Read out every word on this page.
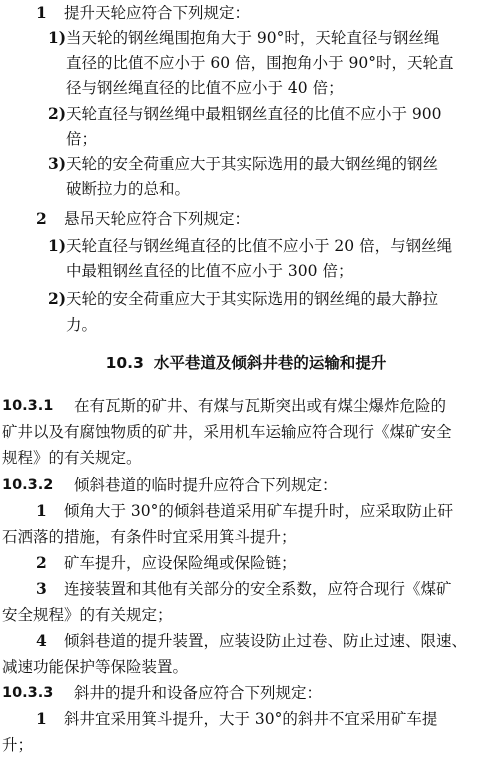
1 提升天轮应符合下列规定：
1) 当天轮的钢丝绳围抱角大于 90°时，天轮直径与钢丝绳
直径的比值不应小于 60 倍，围抱角小于 90°时，天轮直
径与钢丝绳直径的比值不应小于 40 倍；
2) 天轮直径与钢丝绳中最粗钢丝直径的比值不应小于 900
倍；
3) 天轮的安全荷重应大于其实际选用的最大钢丝绳的钢丝
破断拉力的总和。
2 悬吊天轮应符合下列规定：
1) 天轮直径与钢丝绳直径的比值不应小于 20 倍，与钢丝绳
中最粗钢丝直径的比值不应小于 300 倍；
2) 天轮的安全荷重应大于其实际选用的钢丝绳的最大静拉
力。
10.3 水平巷道及倾斜井巷的运输和提升
10.3.1 在有瓦斯的矿井、有煤与瓦斯突出或有煤尘爆炸危险的
矿井以及有腐蚀物质的矿井，采用机车运输应符合现行《煤矿安全
规程》的有关规定。
10.3.2 倾斜巷道的临时提升应符合下列规定：
1 倾角大于 30°的倾斜巷道采用矿车提升时，应采取防止矸
石洒落的措施，有条件时宜采用箕斗提升；
2 矿车提升，应设保险绳或保险链；
3 连接装置和其他有关部分的安全系数，应符合现行《煤矿
安全规程》的有关规定；
4 倾斜巷道的提升装置，应装设防止过卷、防止过速、限速、
减速功能保护等保险装置。
10.3.3 斜井的提升和设备应符合下列规定：
1 斜井宜采用箕斗提升，大于 30°的斜井不宜采用矿车提
升；
